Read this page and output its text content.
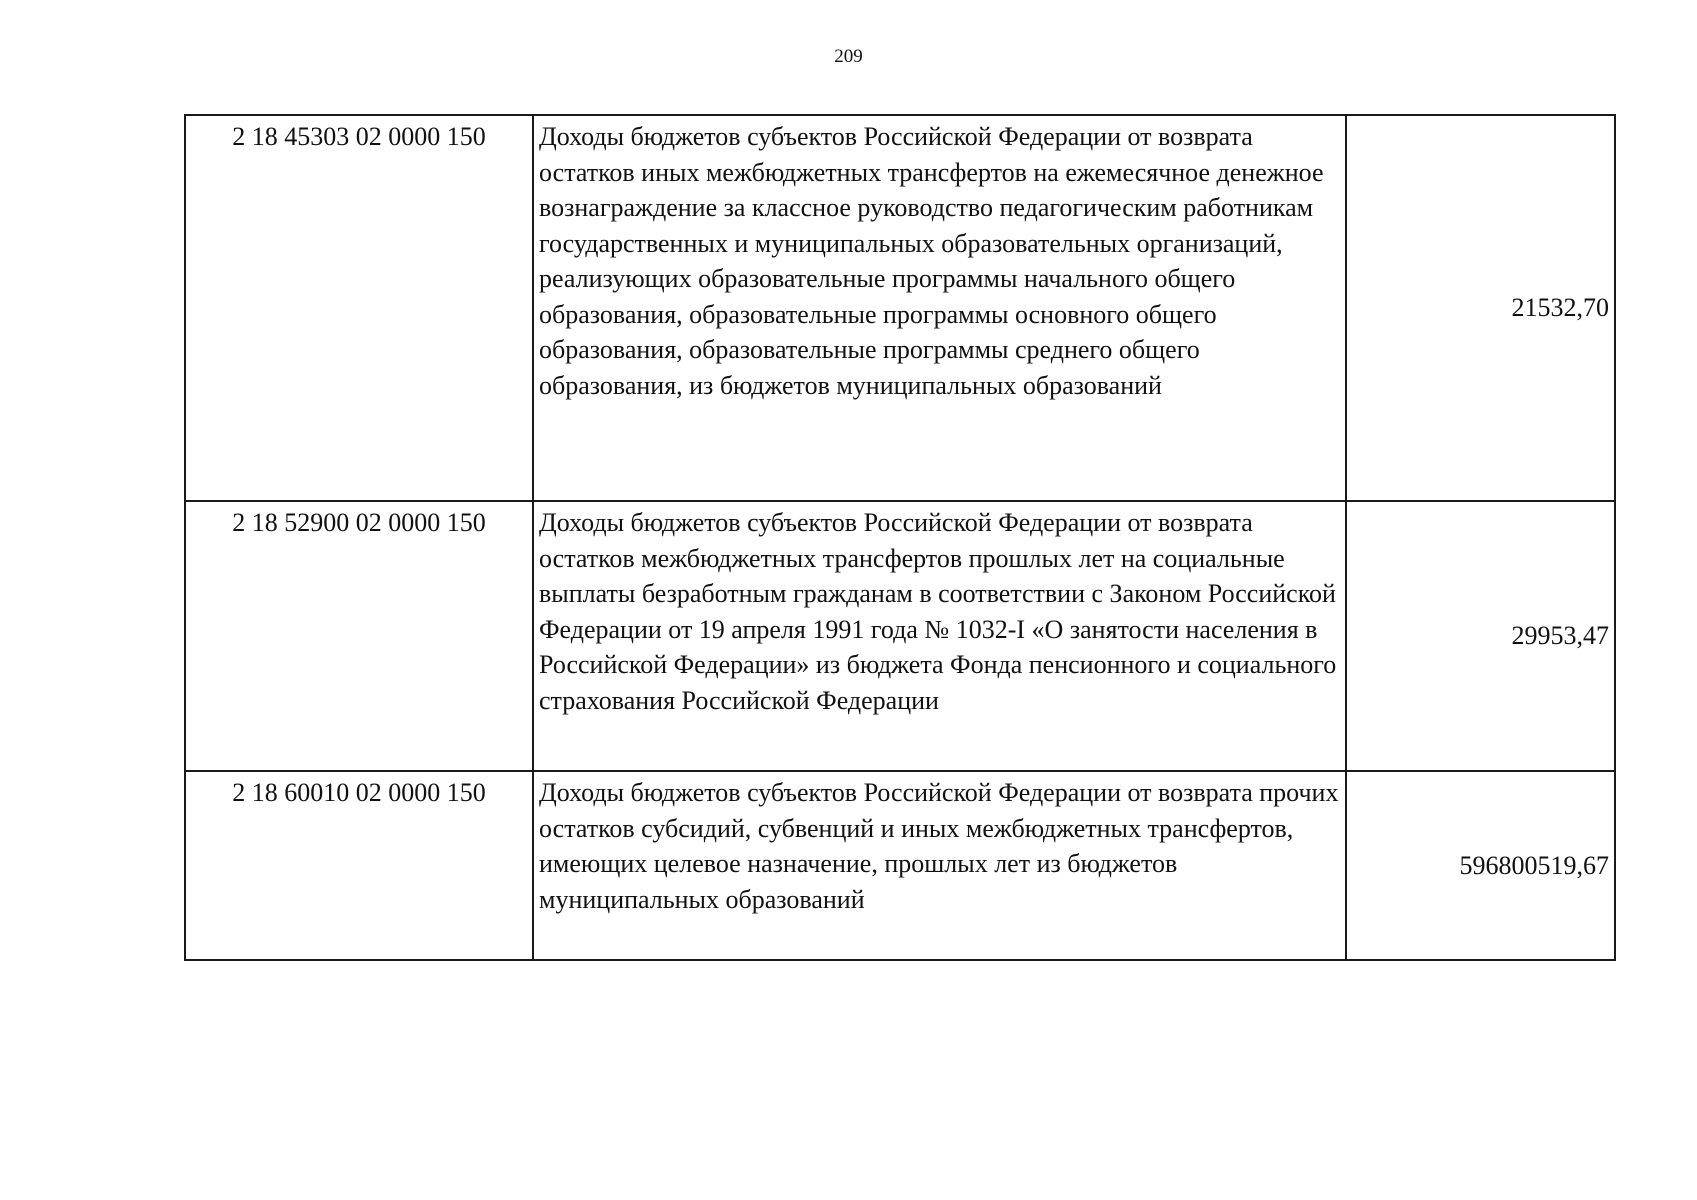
209
2 18 45303 02 0000 150	Доходы бюджетов субъектов Российской Федерации от возврата остатков иных межбюджетных трансфертов на ежемесячное денежное вознаграждение за классное руководство педагогическим работникам государственных и муниципальных образовательных организаций, реализующих образовательные программы начального общего образования, образовательные программы основного общего образования, образовательные программы среднего общего образования, из бюджетов муниципальных образований	21532,70
2 18 52900 02 0000 150	Доходы бюджетов субъектов Российской Федерации от возврата остатков межбюджетных трансфертов прошлых лет на социальные выплаты безработным гражданам в соответствии с Законом Российской Федерации от 19 апреля 1991 года № 1032-I «О занятости населения в Российской Федерации» из бюджета Фонда пенсионного и социального страхования Российской Федерации	29953,47
2 18 60010 02 0000 150	Доходы бюджетов субъектов Российской Федерации от возврата прочих остатков субсидий, субвенций и иных межбюджетных трансфертов, имеющих целевое назначение, прошлых лет из бюджетов муниципальных образований	596800519,67
